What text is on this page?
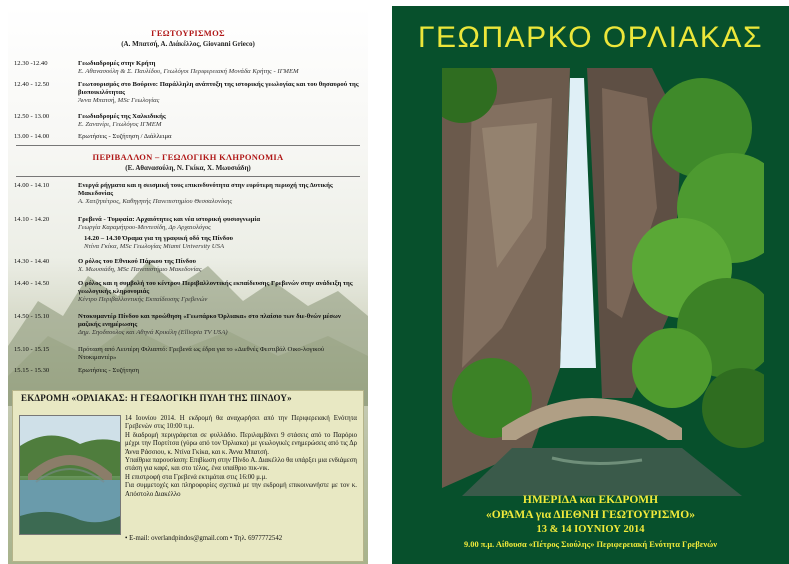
ΓΕΩΤΟΥΡΙΣΜΟΣ
(Α. Μπατσή, Α. Διάκέλλος, Giovanni Grieco)
12.30 -12.40	Γεωδιαδρομές στην Κρήτη
Ε. Αθανασούλη & Σ. Παυλίδου, Γεωλόγοι Περιφερειακή Μονάδα Κρήτης - ΙΓΜΕΜ
12.40 - 12.50	Γεωτουρισμός στο Βούρινο: Παράλληλη ανάπτυξη της ιστορικής γεωλογίας και του θησαυρού της βιοποικιλότητας
Άννα Μπατσή, MSc Γεωλογίας
12.50 - 13.00	Γεωδιαδρομές της Χαλκιδικής
Ε. Ζανανίρι, Γεωλόγος ΙΓΜΕΜ
13.00 - 14.00	Ερωτήσεις - Συζήτηση / Διάλλειμα
ΠΕΡΙΒΑΛΛΟΝ – ΓΕΩΛΟΓΙΚΗ ΚΛΗΡΟΝΟΜΙΑ
(Ε. Αθανασούλη, Ν. Γκίκα, Χ. Μωυσιάδη)
14.00 - 14.10	Ενεργά ρήγματα και η σεισμική τους επικινδυνότητα στην ευρύτερη περιοχή της Δυτικής Μακεδονίας
Α. Χατζηπέτρος, Καθηγητής Πανεπιστημίου Θεσσαλονίκης
14.10 - 14.20	Γρεβενά - Τυμφαία: Αρχαιότητες και νέα ιστορική φυσιογνωμία
Γεωργία Καραμήτρου-Μεντεσίδη, Δρ Αρχαιολόγος
14.20 – 14.30 Όραμα για τη γραφική οδό της Πίνδου
Ντίνα Γκίκα, MSc Γεωλογίας Miami University USA
14.30 - 14.40	Ο ρόλος του Εθνικού Πάρκου της Πίνδου
Χ. Μωυσιάδη, MSc Πανεπιστήμιο Μακεδονίας
14.40 - 14.50	Ο ρόλος και η συμβολή του κέντρου Περιβαλλοντικής εκπαίδευσης Γρεβενών στην ανάδειξη της γεωλογικής κληρονομιάς
Κέντρο Περιβαλλοντικής Εκπαίδευσης Γρεβενών
14.50 - 15.10	Ντοκυμαντέρ Πίνδου και προώθηση «Γεωπάρκο Όρλιακα» στο πλαίσιο των διε-θνών μέσων μαζικής ενημέρωσης
Δημ. Σηοδπουλος και Αθηνά Κρικέλη (Elliopia TV USA)
15.10 - 15.15	Πρόταση από Λευτέρη Φιλιαπτό: Γρεβενά ως έδρα για το «Διεθνές Φεστιβάλ Οικο-λογικού Ντοκιμαντέρ»
15.15 - 15.30	Ερωτήσεις - Συζήτηση
ΕΚΔΡΟΜΗ «ΟΡΛΙΑΚΑΣ: Η ΓΕΩΛΟΓΙΚΗ ΠΥΛΗ ΤΗΣ ΠΙΝΔΟΥ»

14 Ιουνίου 2014. Η εκδρομή θα αναχωρήσει από την Περιφερειακή Ενότητα Γρεβενών στις 10:00 π.μ.

Η διαδρομή περιγράφεται σε φυλλάδιο. Περιλαμβάνει 9 στάσεις από το Παρόριο μέχρι την Πορτίτσα (γύρω από τον Όρλιακα) με γεωλογικές ενημερώσεις από τις Δρ Άννα Ράσσιου, κ. Ντίνα Γκίκα, και κ. Άννα Μπατσή.

Υπαίθρια παρουσίαση: Επιβίωση στην Πίνδο Α. Διακέλλο θα υπάρξει μια ενδιάμεση στάση για καφέ, και στο τέλος, ένα υπαίθριο πικ-νικ.

Η επιστροφή στα Γρεβενά εκτιμάται στις 16:00 μ.μ.

Για συμμετοχές και πληροφορίες σχετικά με την εκδρομή επικοινωνήστε με τον κ. Απόστολο Διακέλλο

• E-mail: overlandpindos@gmail.com • Τηλ. 6977772542
ΓΕΩΠΑΡΚΟ ΟΡΛΙΑΚΑΣ
ΗΜΕΡΙΔΑ και ΕΚΔΡΟΜΗ
«ΟΡΑΜΑ για ΔΙΕΘΝΗ ΓΕΩΤΟΥΡΙΣΜΟ»
13 & 14 ΙΟΥΝΙΟΥ 2014
9.00 π.μ. Αίθουσα «Πέτρος Σιούλης» Περιφερειακή Ενότητα Γρεβενών
